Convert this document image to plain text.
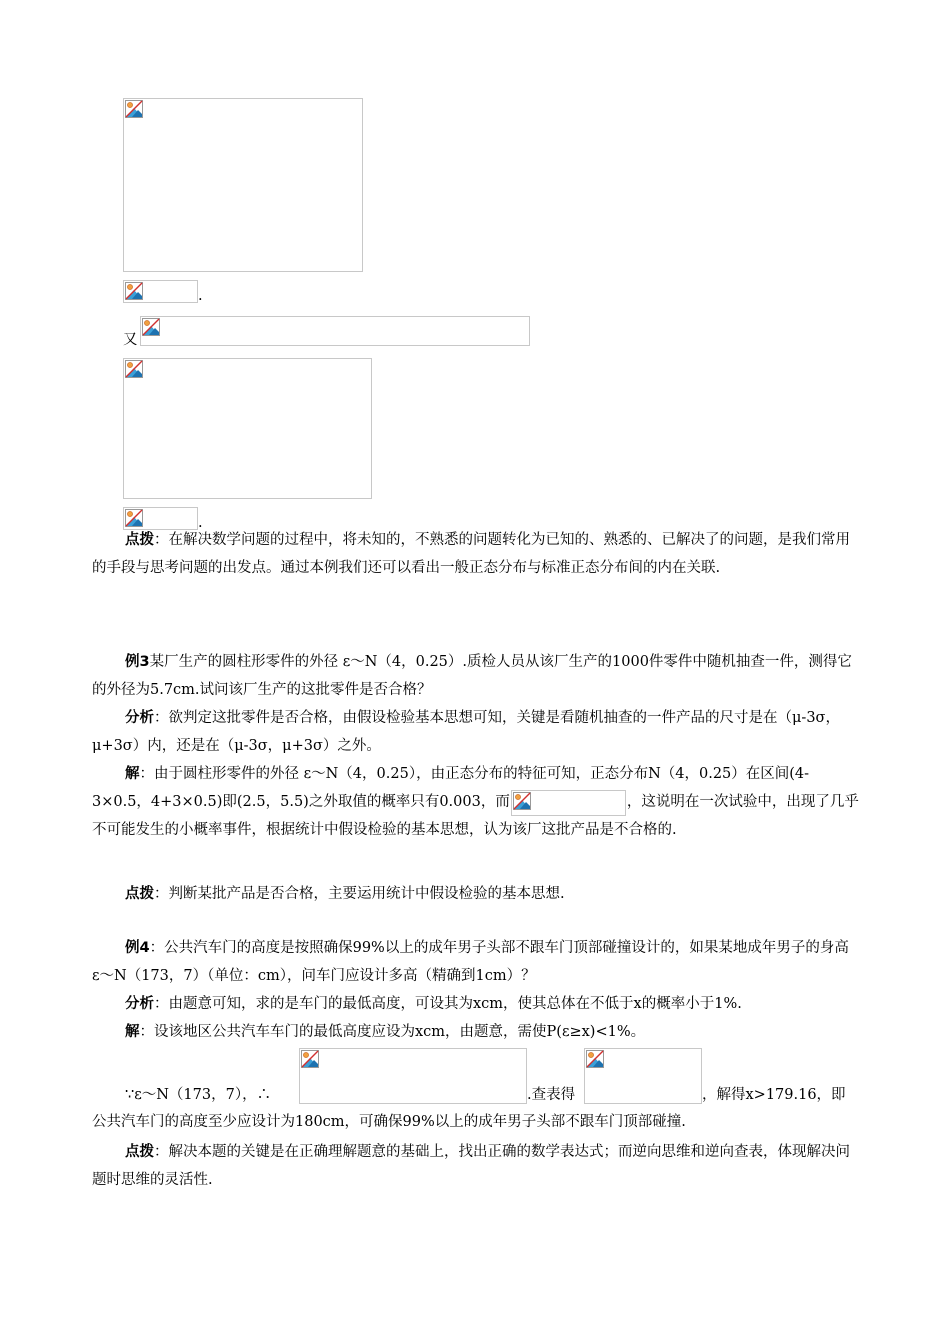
.
又
.

点拨：在解决数学问题的过程中，将未知的，不熟悉的问题转化为已知的、熟悉的、已解决了的问题，是我们常用的手段与思考问题的出发点。通过本例我们还可以看出一般正态分布与标准正态分布间的内在关联.

例3某厂生产的圆柱形零件的外径 ε～N（4，0.25）.质检人员从该厂生产的1000件零件中随机抽查一件，测得它的外径为5.7cm.试问该厂生产的这批零件是否合格？

分析：欲判定这批零件是否合格，由假设检验基本思想可知，关键是看随机抽查的一件产品的尺寸是在（μ-3σ，μ+3σ）内，还是在（μ-3σ，μ+3σ）之外。

解：由于圆柱形零件的外径 ε～N（4，0.25），由正态分布的特征可知，正态分布N（4，0.25）在区间(4-3×0.5，4+3×0.5)即(2.5，5.5)之外取值的概率只有0.003，而	，这说明在一次试验中，出现了几乎不可能发生的小概率事件，根据统计中假设检验的基本思想，认为该厂这批产品是不合格的.

点拨：判断某批产品是否合格，主要运用统计中假设检验的基本思想.

例4：公共汽车门的高度是按照确保99%以上的成年男子头部不跟车门顶部碰撞设计的，如果某地成年男子的身高 ε～N（173，7）（单位：cm），问车门应设计多高（精确到1cm）？

分析：由题意可知，求的是车门的最低高度，可设其为xcm，使其总体在不低于x的概率小于1%.

解：设该地区公共汽车车门的最低高度应设为xcm，由题意，需使P(ε≥x)<1%。

∵ε～N（173，7），∴	.查表得	，解得x>179.16，即
公共汽车门的高度至少应设计为180cm，可确保99%以上的成年男子头部不跟车门顶部碰撞.

点拨：解决本题的关键是在正确理解题意的基础上，找出正确的数学表达式；而逆向思维和逆向查表，体现解决问题时思维的灵活性.
